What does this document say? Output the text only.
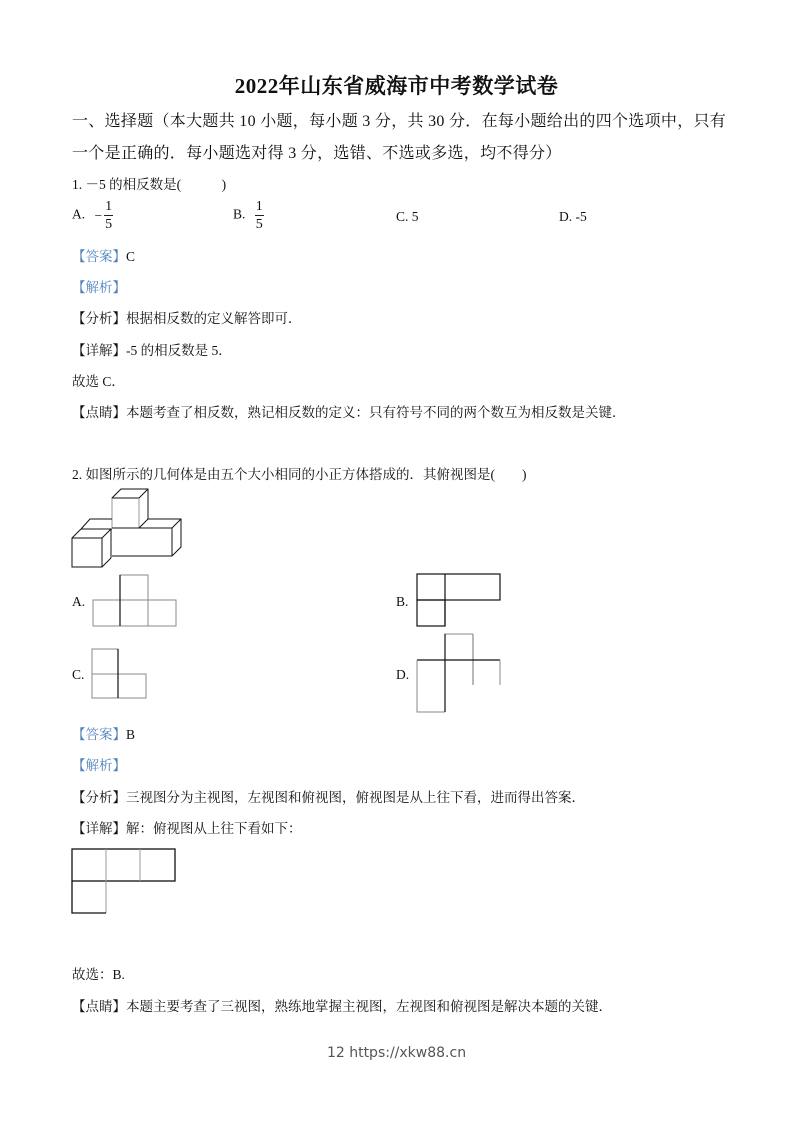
2022年山东省威海市中考数学试卷
一、选择题（本大题共 10 小题，每小题 3 分，共 30 分．在每小题给出的四个选项中，只有
一个是正确的．每小题选对得 3 分，选错、不选或多选，均不得分）
1. －5 的相反数是(　　　)
A. − $\frac{1}{5}$	B. $\frac{1}{5}$	C. 5	D. -5
【答案】C
【解析】
【分析】根据相反数的定义解答即可．
【详解】-5 的相反数是 5．
故选 C．
【点睛】本题考查了相反数，熟记相反数的定义：只有符号不同的两个数互为相反数是关键．
2. 如图所示的几何体是由五个大小相同的小正方体搭成的．其俯视图是(　　)
A.	B.
C.	D.
【答案】B
【解析】
【分析】三视图分为主视图，左视图和俯视图，俯视图是从上往下看，进而得出答案．
【详解】解：俯视图从上往下看如下：
故选：B.
【点睛】本题主要考查了三视图，熟练地掌握主视图，左视图和俯视图是解决本题的关键．
12 https://xkw88.cn
